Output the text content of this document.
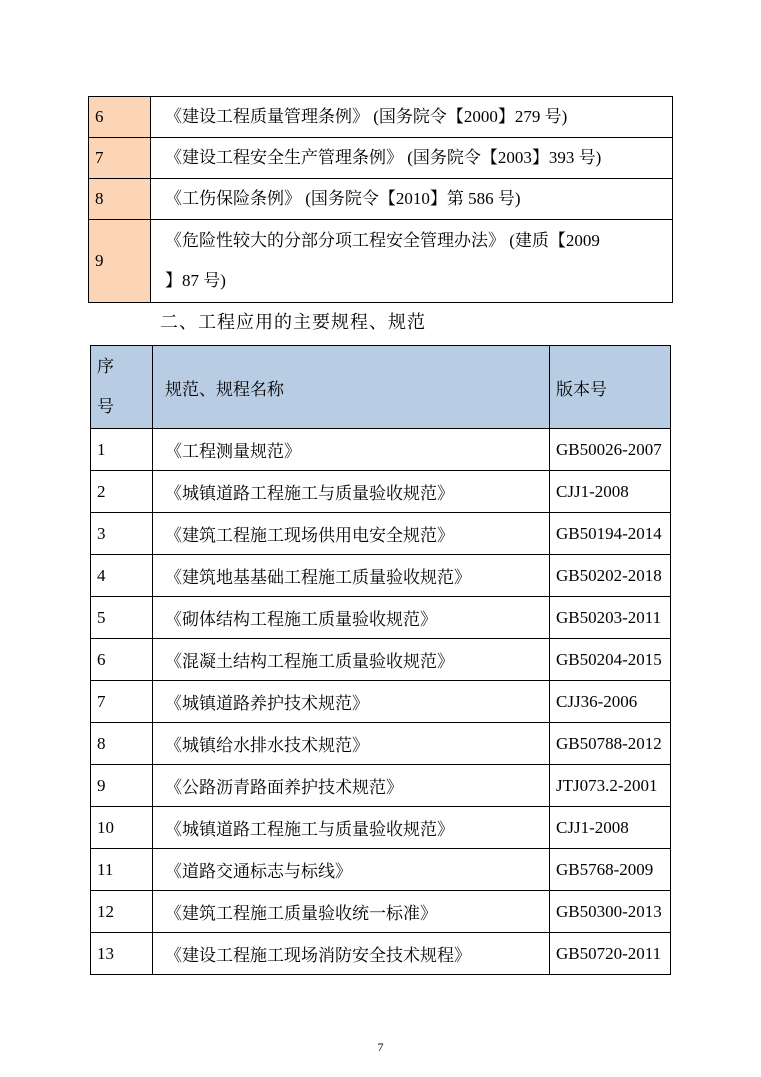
6	《建设工程质量管理条例》 (国务院令【2000】279 号)
7	《建设工程安全生产管理条例》 (国务院令【2003】393 号)
8	《工伤保险条例》 (国务院令【2010】第 586 号)
9	《危险性较大的分部分项工程安全管理办法》 (建质【2009
】87 号)
二、工程应用的主要规程、规范
序
号	规范、规程名称	版本号
1	《工程测量规范》	GB50026-2007
2	《城镇道路工程施工与质量验收规范》	CJJ1-2008
3	《建筑工程施工现场供用电安全规范》	GB50194-2014
4	《建筑地基基础工程施工质量验收规范》	GB50202-2018
5	《砌体结构工程施工质量验收规范》	GB50203-2011
6	《混凝土结构工程施工质量验收规范》	GB50204-2015
7	《城镇道路养护技术规范》	CJJ36-2006
8	《城镇给水排水技术规范》	GB50788-2012
9	《公路沥青路面养护技术规范》	JTJ073.2-2001
10	《城镇道路工程施工与质量验收规范》	CJJ1-2008
11	《道路交通标志与标线》	GB5768-2009
12	《建筑工程施工质量验收统一标准》	GB50300-2013
13	《建设工程施工现场消防安全技术规程》	GB50720-2011
7
